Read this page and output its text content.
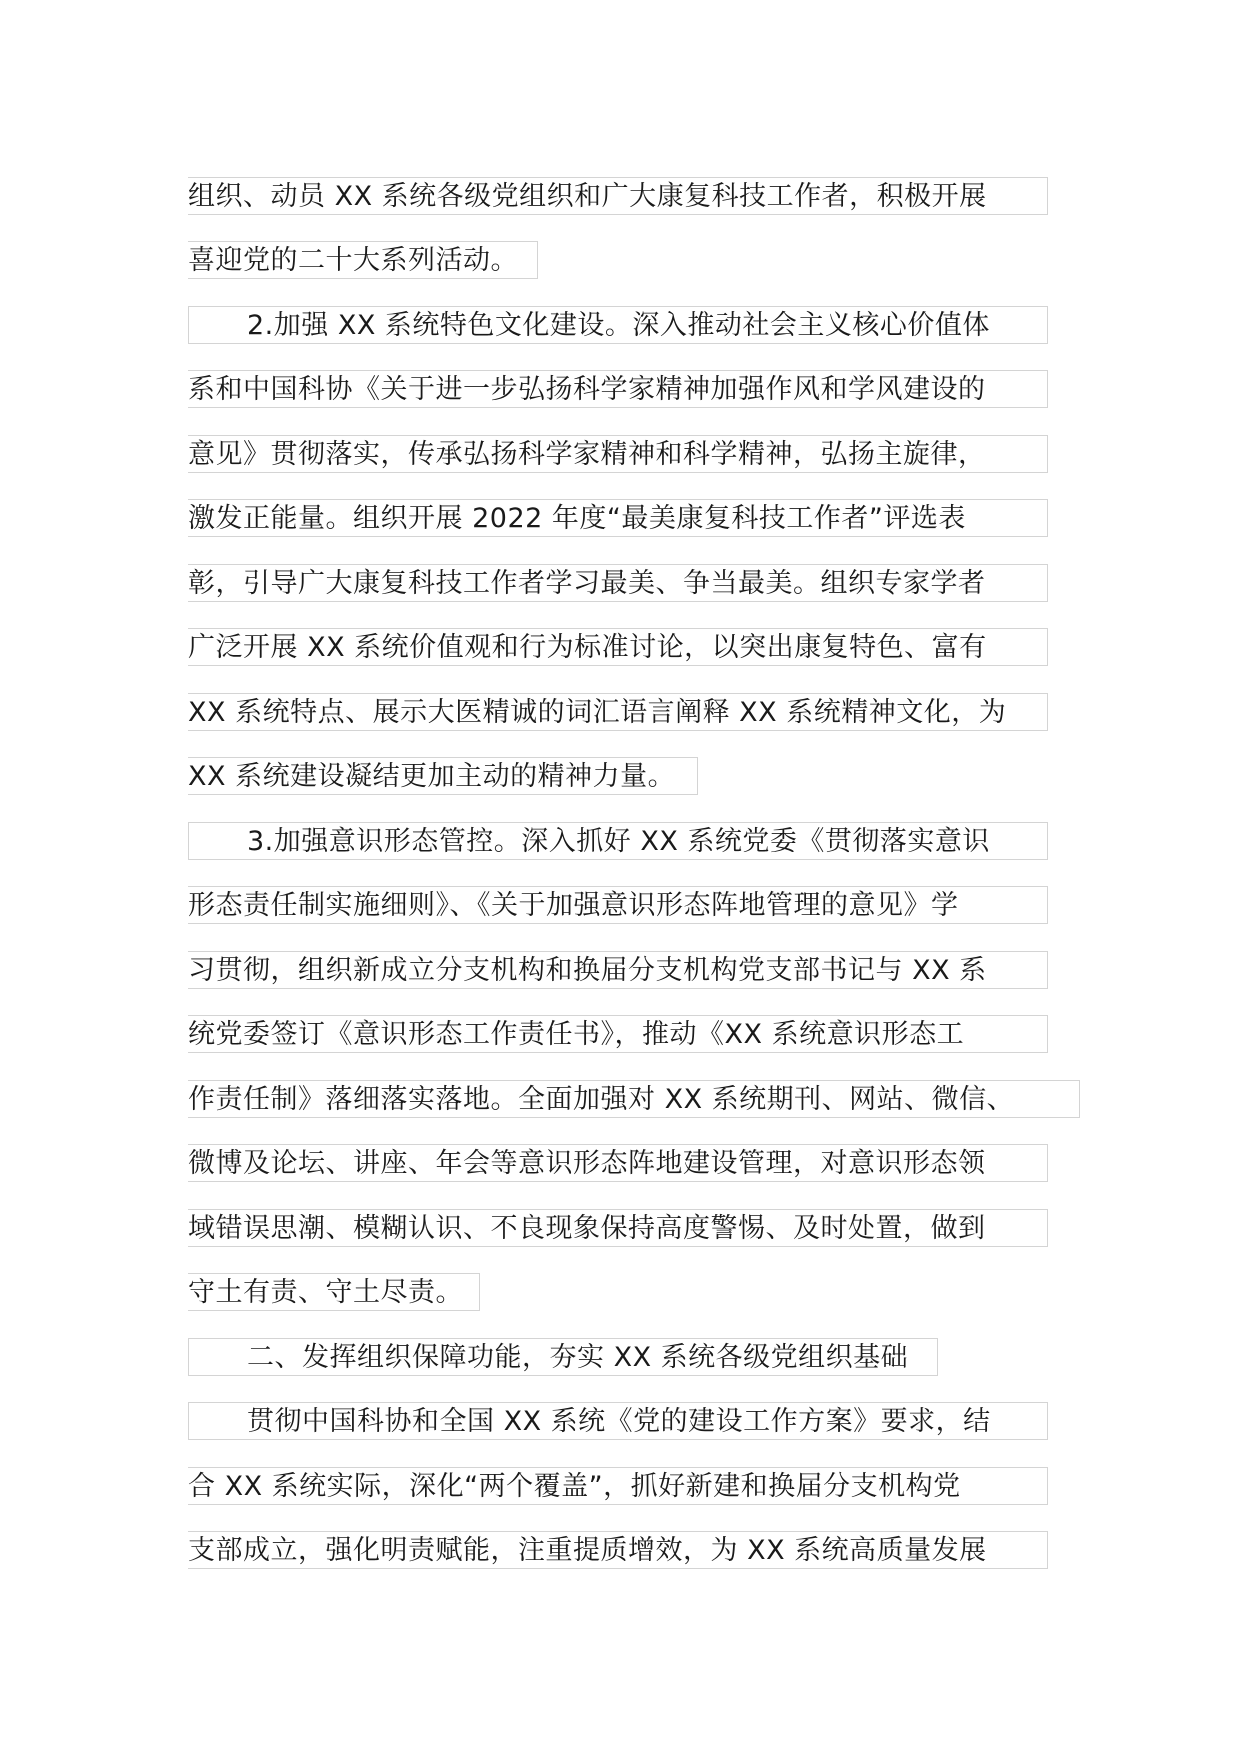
组织、动员 XX 系统各级党组织和广大康复科技工作者，积极开展
喜迎党的二十大系列活动。
2.加强 XX 系统特色文化建设。深入推动社会主义核心价值体
系和中国科协《关于进一步弘扬科学家精神加强作风和学风建设的
意见》贯彻落实，传承弘扬科学家精神和科学精神，弘扬主旋律，
激发正能量。组织开展 2022 年度“最美康复科技工作者”评选表
彰，引导广大康复科技工作者学习最美、争当最美。组织专家学者
广泛开展 XX 系统价值观和行为标准讨论，以突出康复特色、富有
XX 系统特点、展示大医精诚的词汇语言阐释 XX 系统精神文化，为
XX 系统建设凝结更加主动的精神力量。
3.加强意识形态管控。深入抓好 XX 系统党委《贯彻落实意识
形态责任制实施细则》、《关于加强意识形态阵地管理的意见》学
习贯彻，组织新成立分支机构和换届分支机构党支部书记与 XX 系
统党委签订《意识形态工作责任书》，推动《XX 系统意识形态工
作责任制》落细落实落地。全面加强对 XX 系统期刊、网站、微信、
微博及论坛、讲座、年会等意识形态阵地建设管理，对意识形态领
域错误思潮、模糊认识、不良现象保持高度警惕、及时处置，做到
守土有责、守土尽责。
二、发挥组织保障功能，夯实 XX 系统各级党组织基础
贯彻中国科协和全国 XX 系统《党的建设工作方案》要求，结
合 XX 系统实际，深化“两个覆盖”，抓好新建和换届分支机构党
支部成立，强化明责赋能，注重提质增效，为 XX 系统高质量发展
